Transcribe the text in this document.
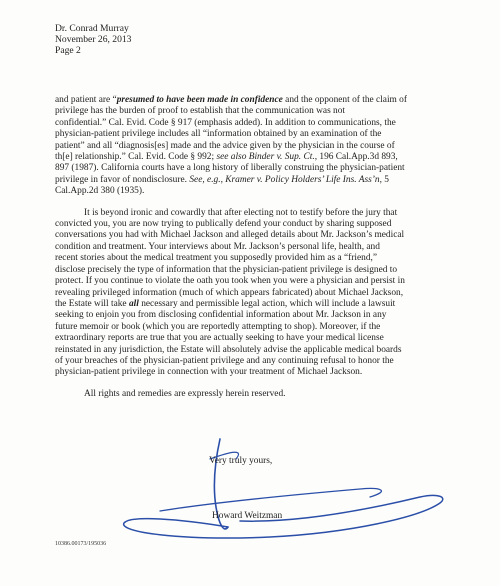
Dr. Conrad Murray
November 26, 2013
Page 2

and patient are “presumed to have been made in confidence and the opponent of the claim of
privilege has the burden of proof to establish that the communication was not
confidential.” Cal. Evid. Code § 917 (emphasis added). In addition to communications, the
physician-patient privilege includes all “information obtained by an examination of the
patient” and all “diagnosis[es] made and the advice given by the physician in the course of
th[e] relationship.” Cal. Evid. Code § 992; see also Binder v. Sup. Ct., 196 Cal.App.3d 893,
897 (1987). California courts have a long history of liberally construing the physician-patient
privilege in favor of nondisclosure. See, e.g., Kramer v. Policy Holders’ Life Ins. Ass’n, 5
Cal.App.2d 380 (1935).

It is beyond ironic and cowardly that after electing not to testify before the jury that
convicted you, you are now trying to publically defend your conduct by sharing supposed
conversations you had with Michael Jackson and alleged details about Mr. Jackson’s medical
condition and treatment. Your interviews about Mr. Jackson’s personal life, health, and
recent stories about the medical treatment you supposedly provided him as a “friend,”
disclose precisely the type of information that the physician-patient privilege is designed to
protect. If you continue to violate the oath you took when you were a physician and persist in
revealing privileged information (much of which appears fabricated) about Michael Jackson,
the Estate will take all necessary and permissible legal action, which will include a lawsuit
seeking to enjoin you from disclosing confidential information about Mr. Jackson in any
future memoir or book (which you are reportedly attempting to shop). Moreover, if the
extraordinary reports are true that you are actually seeking to have your medical license
reinstated in any jurisdiction, the Estate will absolutely advise the applicable medical boards
of your breaches of the physician-patient privilege and any continuing refusal to honor the
physician-patient privilege in connection with your treatment of Michael Jackson.

All rights and remedies are expressly herein reserved.

Very truly yours,
Howard Weitzman
10386.00173/195036
